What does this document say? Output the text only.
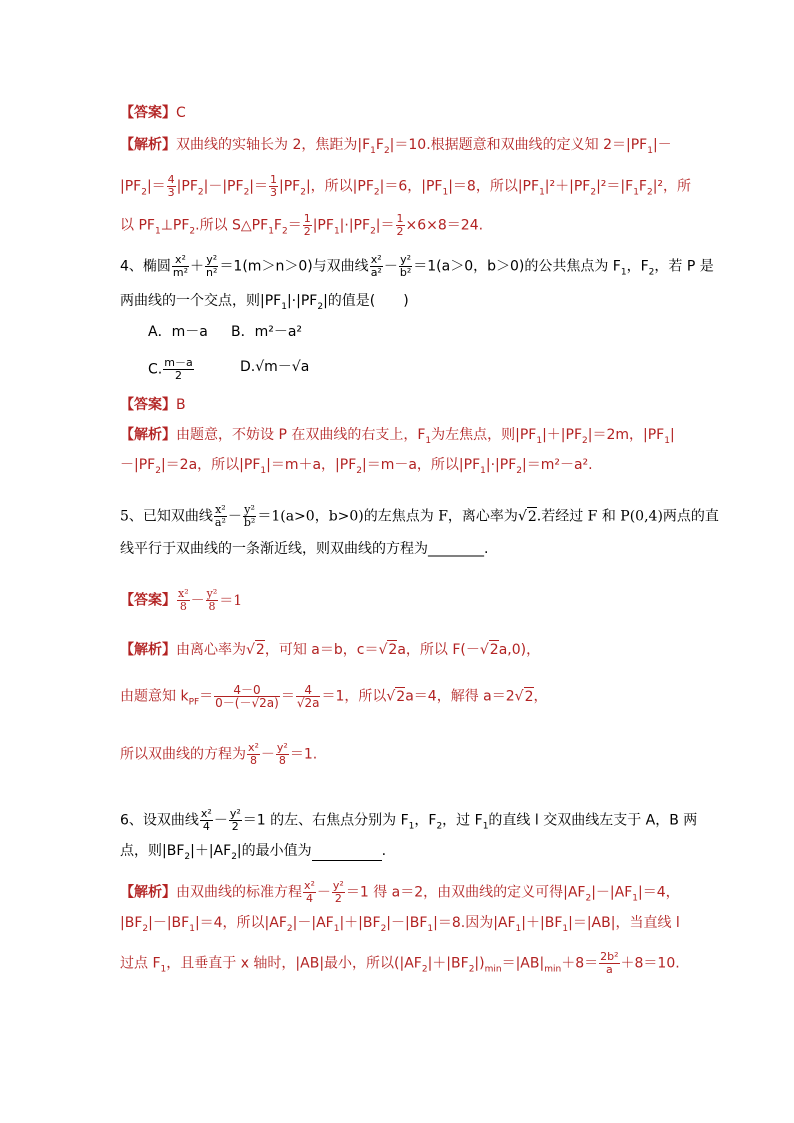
【答案】C
【解析】双曲线的实轴长为 2，焦距为$|F_1F_2|=10$.根据题意和双曲线的定义知 $2=|PF_1|-$
$|PF_2|= \frac{4}{3} |PF_2|-|PF_2|= \frac{1}{3} |PF_2|$，所以$|PF_2|=6$，$|PF_1|=8$，所以$|PF_1|^2+|PF_2|^2=|F_1F_2|^2$，所
以 $PF_1\perp PF_2$.所以 $S\triangle PF_1F_2= \frac{1}{2} |PF_1|\cdot|PF_2|= \frac{1}{2} \times 6\times 8=24$.
4、椭圆 $\frac{\text{x²}}{\text{m²}} + \frac{\text{y²}}{\text{n²}} =1(m>n>0)$与双曲线 $\frac{\text{x²}}{\text{a²}} - \frac{\text{y²}}{\text{b²}} =1(a>0$，b＞0)的公共焦点为 $F_1$，$F_2$，若 P 是
两曲线的一个交点，则$|PF_1|\cdot|PF_2|$的值是(　　)
A．m－a B．m²－a²
C. $\frac{m-a}{2}$	D.√m－√a
【答案】B
【解析】由题意，不妨设 P 在双曲线的右支上，$F_1$为左焦点，则$|PF_1|+|PF_2|=2m$，$|PF_1|$
$-|PF_2|=2a$，所以$|PF_1|=m+a$，$|PF_2|=m-a$，所以$|PF_1|\cdot|PF_2|=m^2-a^2$.
5、已知双曲线 $\frac{\text{x²}}{\text{a²}} - \frac{\text{y²}}{\text{b²}} =1(a>0$，b>0)的左焦点为 F，离心率为√2.若经过 F 和 P(0,4)两点的直
线平行于双曲线的一条渐近线，则双曲线的方程为________.
【答案】 $\frac{\text{x²}}{8} - \frac{\text{y²}}{8} =1$
【解析】由离心率为√2，可知 a＝b，c＝√2a，所以 F(－√2a,0)，
由题意知 $k_{PF}= \frac{4-0}{0-(-√2a)} = \frac{4}{√2a} =1$，所以√2a＝4，解得 a＝2√2，
所以双曲线的方程为 $\frac{\text{x²}}{8} - \frac{\text{y²}}{8} =1$.
6、设双曲线 $\frac{\text{x²}}{4} - \frac{\text{y²}}{2} =1$ 的左、右焦点分别为 $F_1$，$F_2$，过 $F_1$的直线 l 交双曲线左支于 A，B 两
点，则$|BF_2|+|AF_2|$的最小值为	.
【解析】由双曲线的标准方程 $\frac{\text{x²}}{4} - \frac{\text{y²}}{2} =1$ 得 a＝2，由双曲线的定义可得$|AF_2|-|AF_1|=4$，
$|BF_2|-|BF_1|=4$，所以$|AF_2|-|AF_1|+|BF_2|-|BF_1|=8$.因为$|AF_1|+|BF_1|=|AB|$，当直线 l
过点 $F_1$，且垂直于 x 轴时，|AB|最小，所以$(|AF_2|+|BF_2|)_{min}=|AB|_{min}+8= \frac{\text{2b²}}{a} +8=10$.
